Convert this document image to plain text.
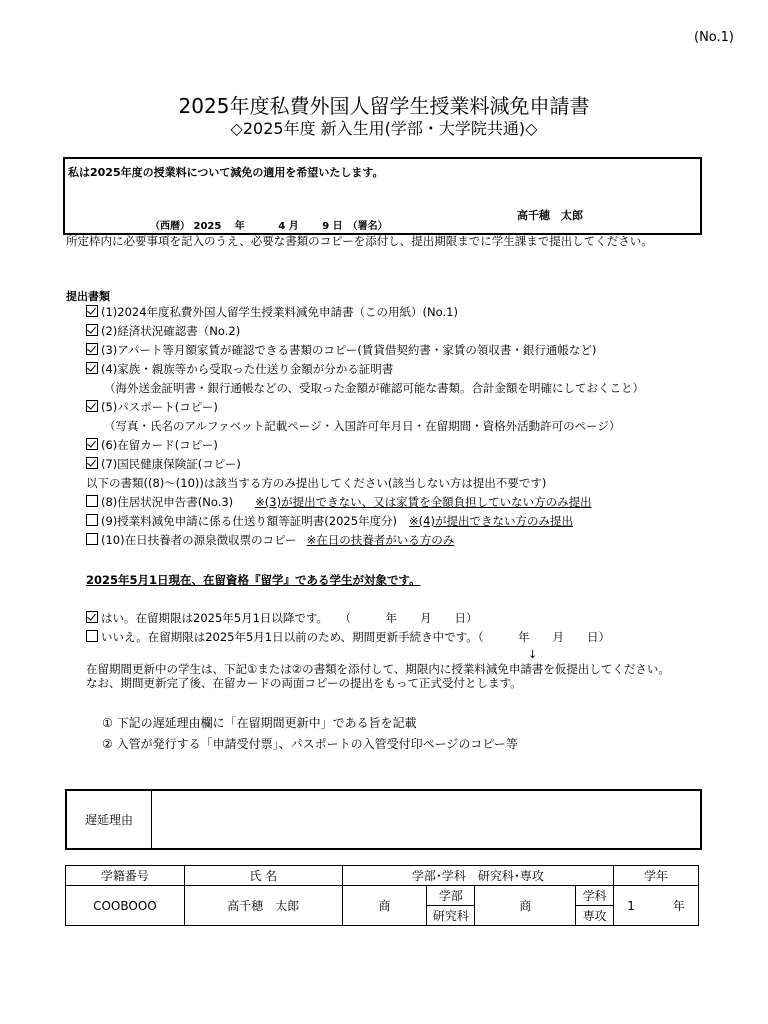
(No.1)
2025年度私費外国人留学生授業料減免申請書
◇2025年度 新入生用(学部・大学院共通)◇
私は2025年度の授業料について減免の適用を希望いたします。
高千穂　太郎
（西暦） 2025　 年　　　 4 月　　 9 日　（署名）
所定枠内に必要事項を記入のうえ、必要な書類のコピーを添付し、提出期限までに学生課まで提出してください。
提出書類
(1)2024年度私費外国人留学生授業料減免申請書（この用紙）(No.1)
(2)経済状況確認書（No.2)
(3)アパート等月額家賃が確認できる書類のコピー(賃貸借契約書・家賃の領収書・銀行通帳など)
(4)家族・親族等から受取った仕送り金額が分かる証明書
（海外送金証明書・銀行通帳などの、受取った金額が確認可能な書類。合計金額を明確にしておくこと）
(5)パスポート(コピー)
（写真・氏名のアルファベット記載ページ・入国許可年月日・在留期間・資格外活動許可のページ）
(6)在留カード(コピー)
(7)国民健康保険証(コピー)
以下の書類((8)～(10))は該当する方のみ提出してください(該当しない方は提出不要です)
(8)住居状況申告書(No.3) ※(3)が提出できない、又は家賃を全額負担していない方のみ提出
(9)授業料減免申請に係る仕送り額等証明書(2025年度分) ※(4)が提出できない方のみ提出
(10)在日扶養者の源泉徴収票のコピー ※在日の扶養者がいる方のみ
2025年5月1日現在、在留資格『留学』である学生が対象です。
はい。在留期限は2025年5月1日以降です。　　（　　　年　　月　　日）
いいえ。在留期限は2025年5月1日以前のため、期間更新手続き中です。（　　　年　　月　　日）
↓
在留期間更新中の学生は、下記①または②の書類を添付して、期限内に授業料減免申請書を仮提出してください。
なお、期間更新完了後、在留カードの両面コピーの提出をもって正式受付とします。
① 下記の遅延理由欄に「在留期間更新中」である旨を記載
② 入管が発行する「申請受付票」、パスポートの入管受付印ページのコピー等
遅延理由
学籍番号	氏 名	学部･学科　研究科･専攻				学年
COOBOOO	高千穂　太郎	商	学部	商	学科	1 年
			研究科		専攻	
